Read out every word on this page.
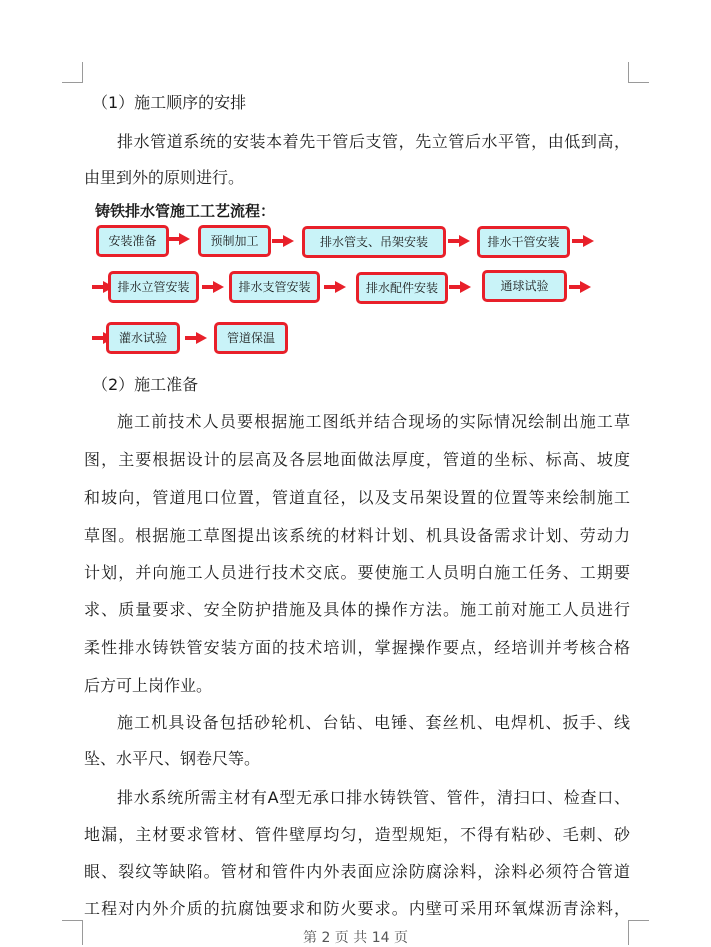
（1）施工顺序的安排

排水管道系统的安装本着先干管后支管，先立管后水平管，由低到高，

由里到外的原则进行。

铸铁排水管施工工艺流程：
安装准备	预制加工	排水管支、吊架安装	排水干管安装
排水立管安装	排水支管安装	排水配件安装	通球试验
灌水试验	管道保温

（2）施工准备

施工前技术人员要根据施工图纸并结合现场的实际情况绘制出施工草

图，主要根据设计的层高及各层地面做法厚度，管道的坐标、标高、坡度

和坡向，管道甩口位置，管道直径，以及支吊架设置的位置等来绘制施工

草图。根据施工草图提出该系统的材料计划、机具设备需求计划、劳动力

计划，并向施工人员进行技术交底。要使施工人员明白施工任务、工期要

求、质量要求、安全防护措施及具体的操作方法。施工前对施工人员进行

柔性排水铸铁管安装方面的技术培训，掌握操作要点，经培训并考核合格

后方可上岗作业。

施工机具设备包括砂轮机、台钻、电锤、套丝机、电焊机、扳手、线

坠、水平尺、钢卷尺等。

排水系统所需主材有A型无承口排水铸铁管、管件，清扫口、检查口、

地漏，主材要求管材、管件壁厚均匀，造型规矩，不得有粘砂、毛刺、砂

眼、裂纹等缺陷。管材和管件内外表面应涂防腐涂料，涂料必须符合管道

工程对内外介质的抗腐蚀要求和防火要求。内壁可采用环氧煤沥青涂料，

第 2 页 共 14 页
